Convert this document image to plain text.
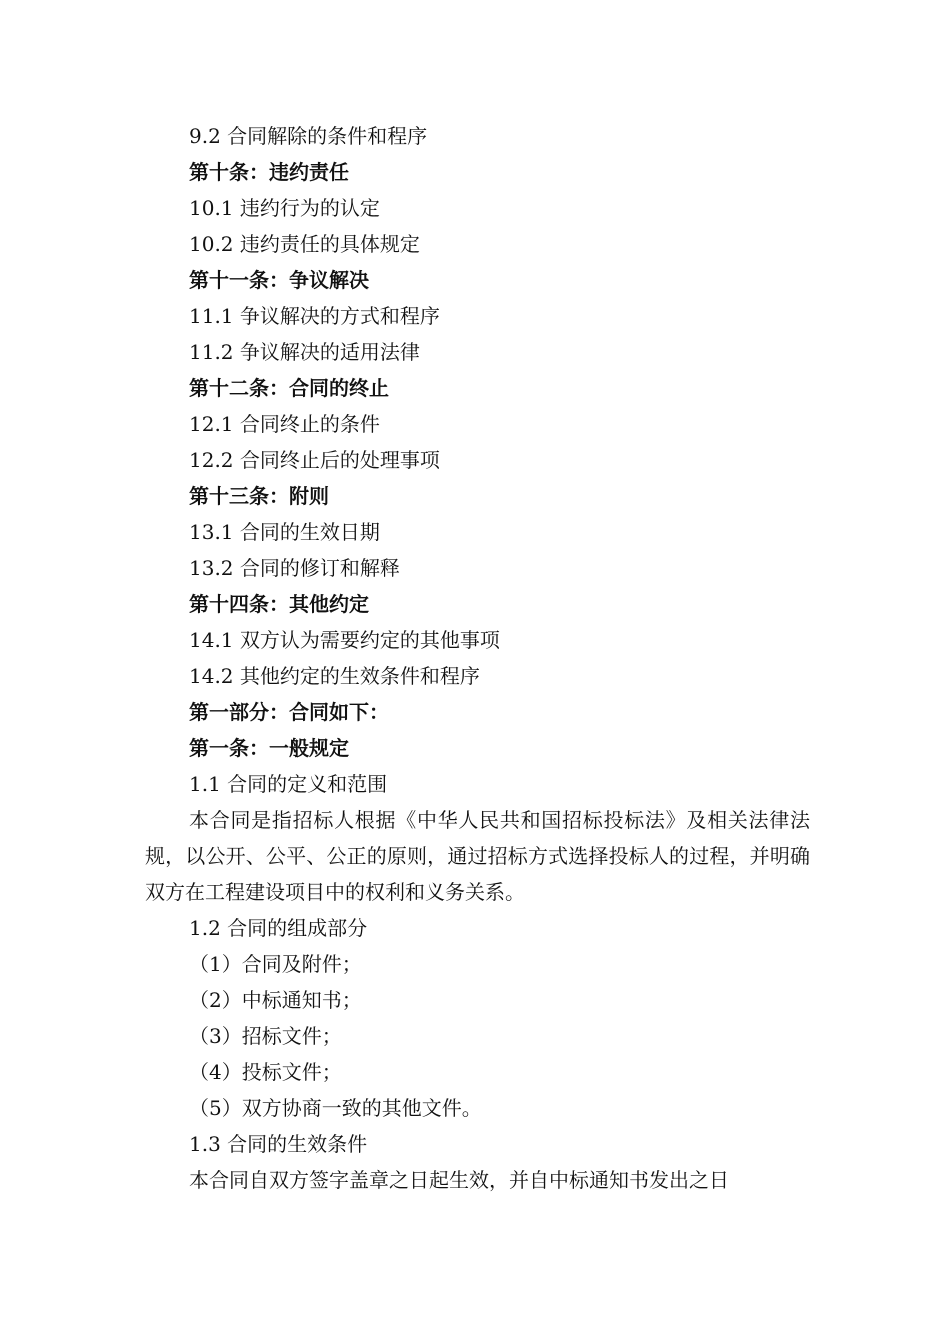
9.2 合同解除的条件和程序
第十条：违约责任
10.1 违约行为的认定
10.2 违约责任的具体规定
第十一条：争议解决
11.1 争议解决的方式和程序
11.2 争议解决的适用法律
第十二条：合同的终止
12.1 合同终止的条件
12.2 合同终止后的处理事项
第十三条：附则
13.1 合同的生效日期
13.2 合同的修订和解释
第十四条：其他约定
14.1 双方认为需要约定的其他事项
14.2 其他约定的生效条件和程序
第一部分：合同如下：
第一条：一般规定
1.1 合同的定义和范围

本合同是指招标人根据《中华人民共和国招标投标法》及相关法律法规，以公开、公平、公正的原则，通过招标方式选择投标人的过程，并明确双方在工程建设项目中的权利和义务关系。

1.2 合同的组成部分
（1）合同及附件；
（2）中标通知书；
（3）招标文件；
（4）投标文件；
（5）双方协商一致的其他文件。
1.3 合同的生效条件

本合同自双方签字盖章之日起生效，并自中标通知书发出之日
